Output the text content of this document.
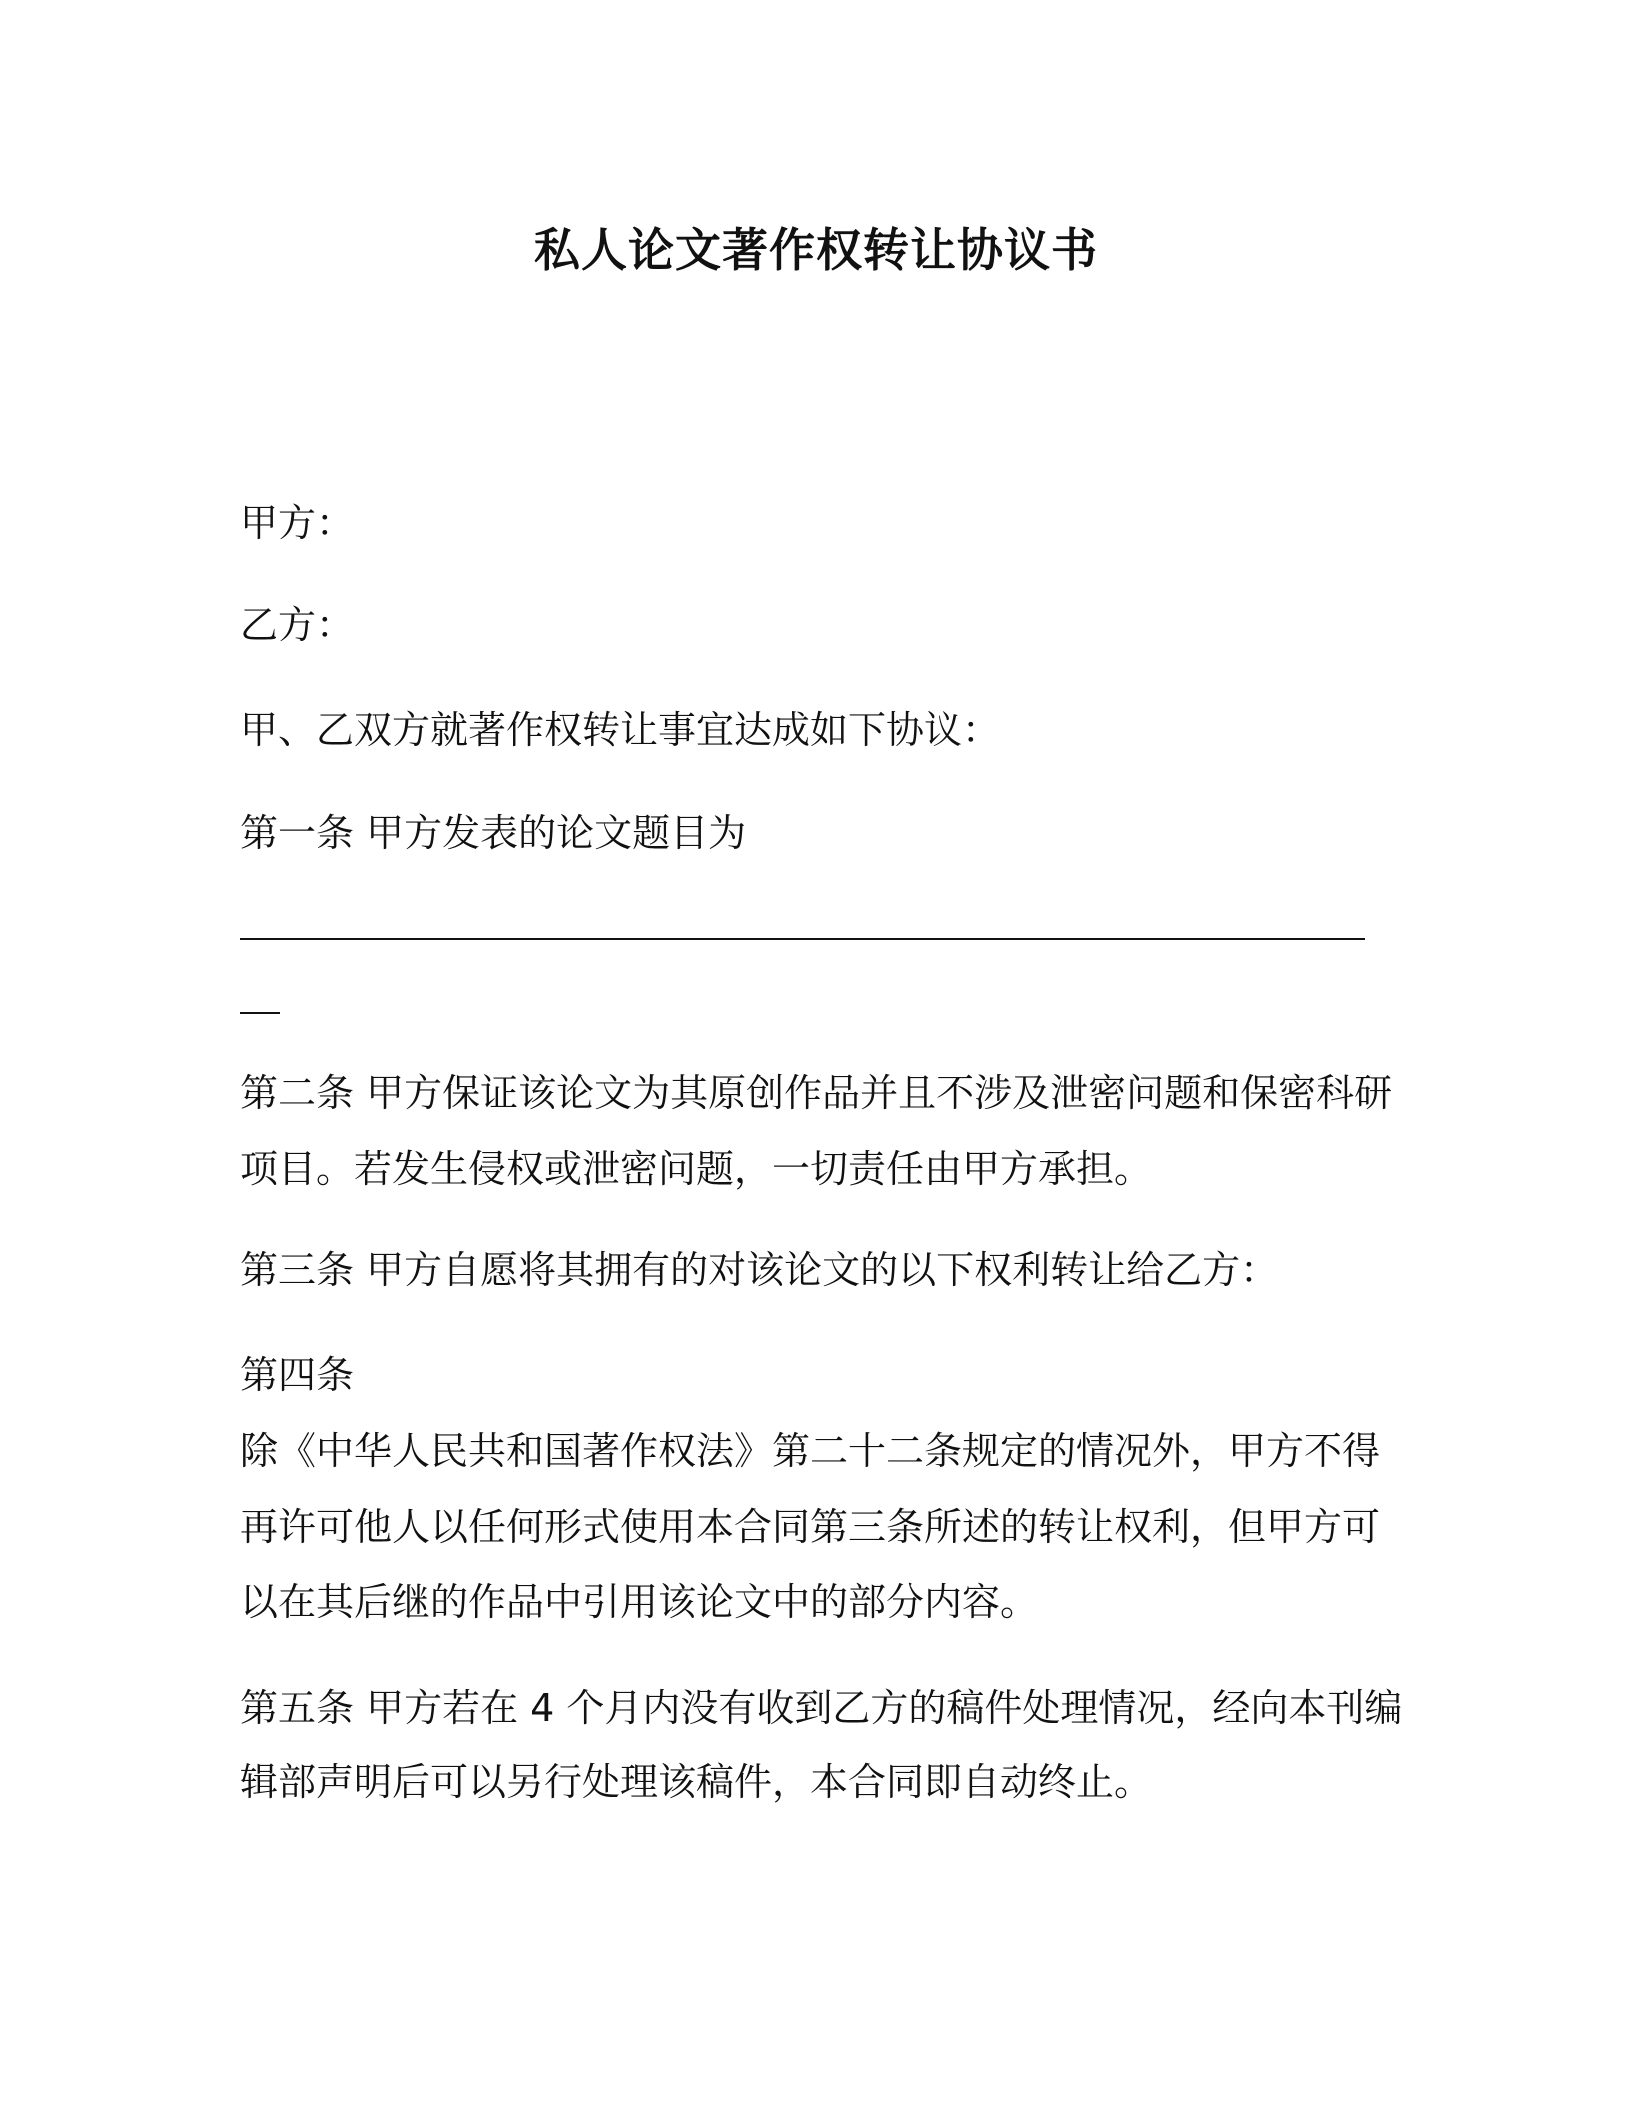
私人论文著作权转让协议书
甲方：
乙方：
甲、乙双方就著作权转让事宜达成如下协议：
第一条 甲方发表的论文题目为
第二条 甲方保证该论文为其原创作品并且不涉及泄密问题和保密科研
项目。若发生侵权或泄密问题，一切责任由甲方承担。
第三条 甲方自愿将其拥有的对该论文的以下权利转让给乙方：
第四条
除《中华人民共和国著作权法》第二十二条规定的情况外，甲方不得
再许可他人以任何形式使用本合同第三条所述的转让权利，但甲方可
以在其后继的作品中引用该论文中的部分内容。
第五条 甲方若在 4 个月内没有收到乙方的稿件处理情况，经向本刊编
辑部声明后可以另行处理该稿件，本合同即自动终止。
